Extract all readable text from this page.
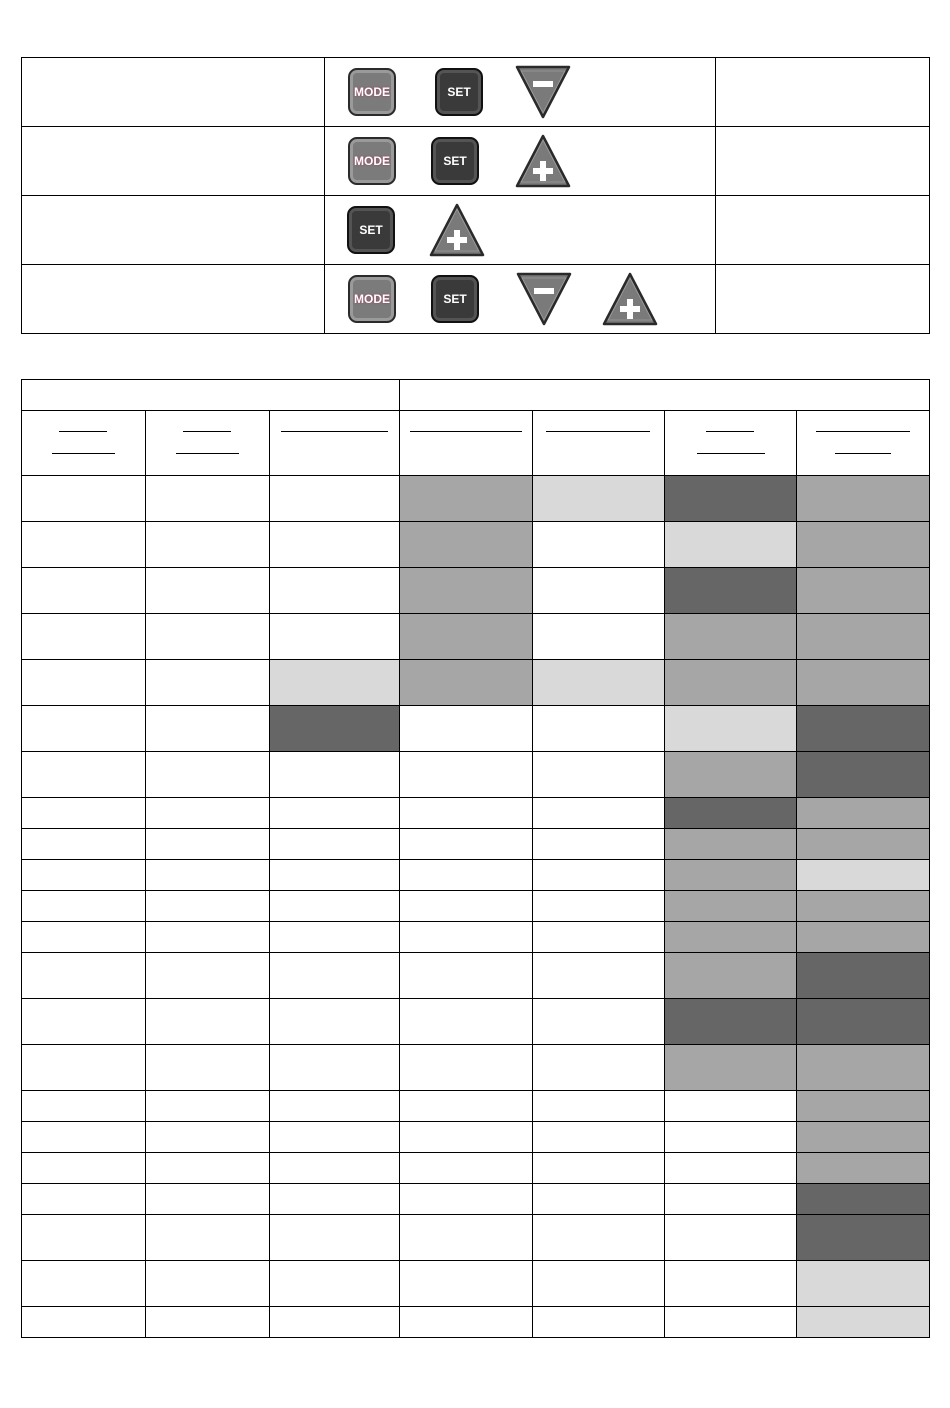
MODE SET	

MODE SET	

SET	

MODE SET	
